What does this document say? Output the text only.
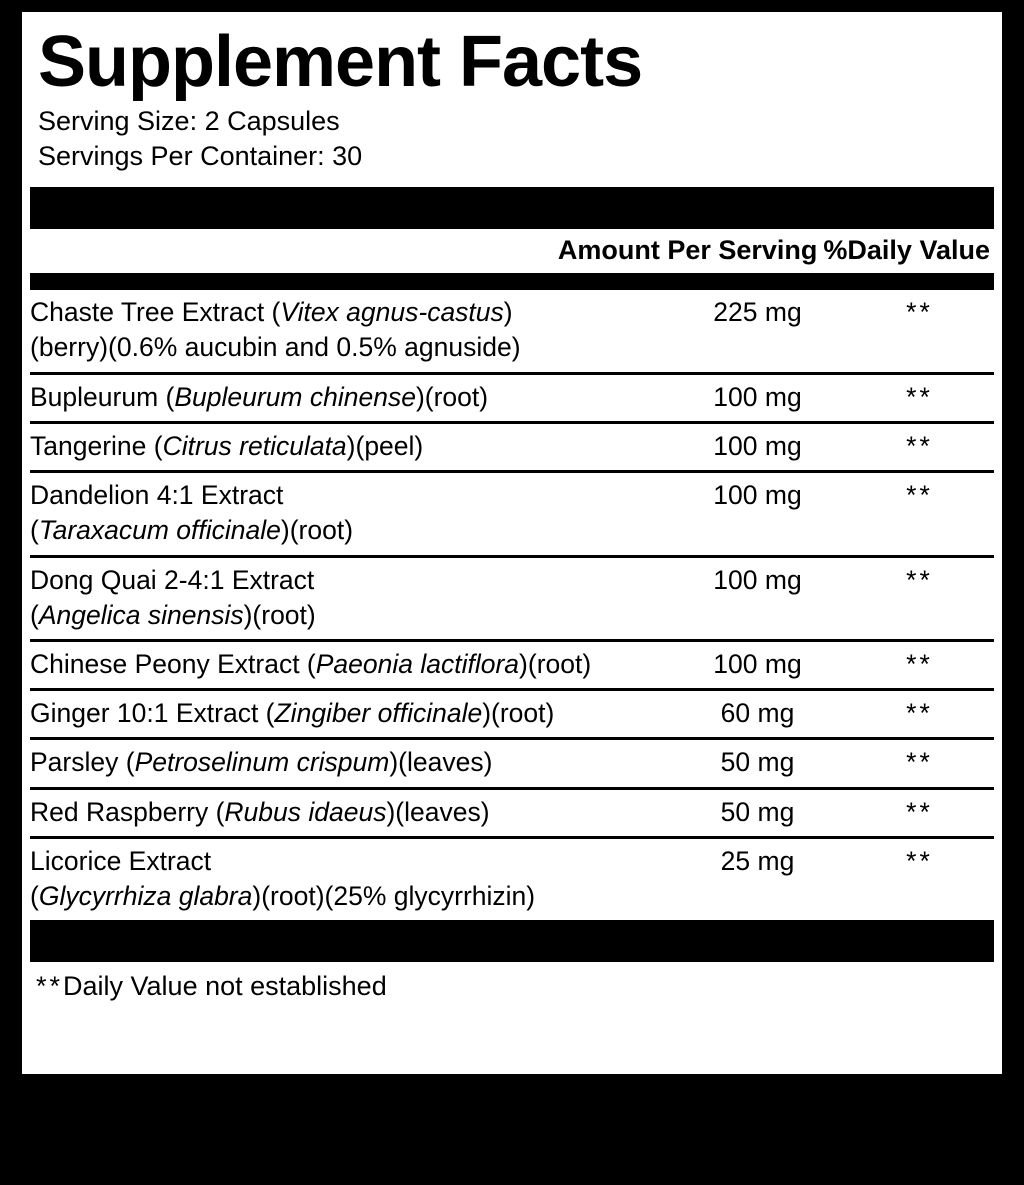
Supplement Facts
Serving Size: 2 Capsules
Servings Per Container: 30
Amount Per Serving %Daily Value
Chaste Tree Extract (Vitex agnus-castus)
(berry)(0.6% aucubin and 0.5% agnuside)	225 mg	**
Bupleurum (Bupleurum chinense)(root)	100 mg	**
Tangerine (Citrus reticulata)(peel)	100 mg	**
Dandelion 4:1 Extract
(Taraxacum officinale)(root)	100 mg	**
Dong Quai 2-4:1 Extract
(Angelica sinensis)(root)	100 mg	**
Chinese Peony Extract (Paeonia lactiflora)(root)	100 mg	**
Ginger 10:1 Extract (Zingiber officinale)(root)	60 mg	**
Parsley (Petroselinum crispum)(leaves)	50 mg	**
Red Raspberry (Rubus idaeus)(leaves)	50 mg	**
Licorice Extract
(Glycyrrhiza glabra)(root)(25% glycyrrhizin)	25 mg	**
**Daily Value not established
Other Ingredients: Capsule (hypromellose and water), hydroxypropyl cellulose, magnesium stearate, and silica.
